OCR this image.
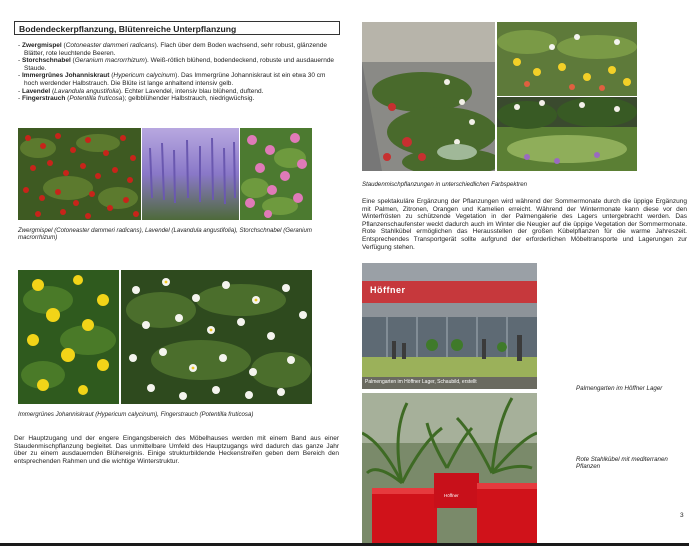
Bodendeckerpflanzung, Blütenreiche Unterpflanzung
- Zwergmispel (Cotoneaster dammeri radicans). Flach über dem Boden wachsend, sehr robust, glänzende Blätter, rote leuchtende Beeren.
- Storchschnabel (Geranium macrorrhizum). Weiß-rötlich blühend, bodendeckend, robuste und ausdauernde Staude.
- Immergrünes Johanniskraut (Hypericum calycinum). Das Immergrüne Johanniskraut ist ein etwa 30 cm hoch werdender Halbstrauch. Die Blüte ist lange anhaltend intensiv gelb.
- Lavendel (Lavandula angustifolia). Echter Lavendel, intensiv blau blühend, duftend.
- Fingerstrauch (Potentilla fruticosa); gelbblühender Halbstrauch, niedrigwüchsig.
Zwergmispel (Cotoneaster dammeri radicans), Lavendel (Lavandula angustifolia), Storchschnabel (Geranium macrorrhizum)
Immergrünes Johanniskraut (Hypericum calycinum), Fingerstrauch (Potentilla fruticosa)
Der Hauptzugang und der engere Eingangsbereich des Möbelhauses werden mit einem Band aus einer Staudenmischpflanzung begleitet. Das unmittelbare Umfeld des Hauptzugangs wird dadurch das ganze Jahr über zu einem ausdauernden Blühereignis. Einige strukturbildende Heckenstreifen geben dem Bereich den entsprechenden Rahmen und die wichtige Winterstruktur.
Staudenmischpflanzungen in unterschiedlichen Farbspektren
Eine spektakuläre Ergänzung der Pflanzungen wird während der Sommermonate durch die üppige Ergänzung mit Palmen, Zitronen, Orangen und Kamelien erreicht. Während der Wintermonate kann diese vor den Winterfrösten zu schützende Vegetation in der Palmengalerie des Lagers untergebracht werden. Das Pflanzenschaufenster weckt dadurch auch im Winter die Neugier auf die üppige Vegetation der Sommermonate. Rote Stahlkübel ermöglichen das Herausstellen der großen Kübelpflanzen für die warme Jahreszeit. Entsprechendes Transportgerät sollte aufgrund der erforderlichen Möbeltransporte und Lagerungen zur Verfügung stehen.
Höffner
Palmengarten im Höffner Lager, Schaubild, erstellt
Höffner
Palmengarten im Höffner Lager
Rote Stahlkübel mit mediterranen Pflanzen
3
